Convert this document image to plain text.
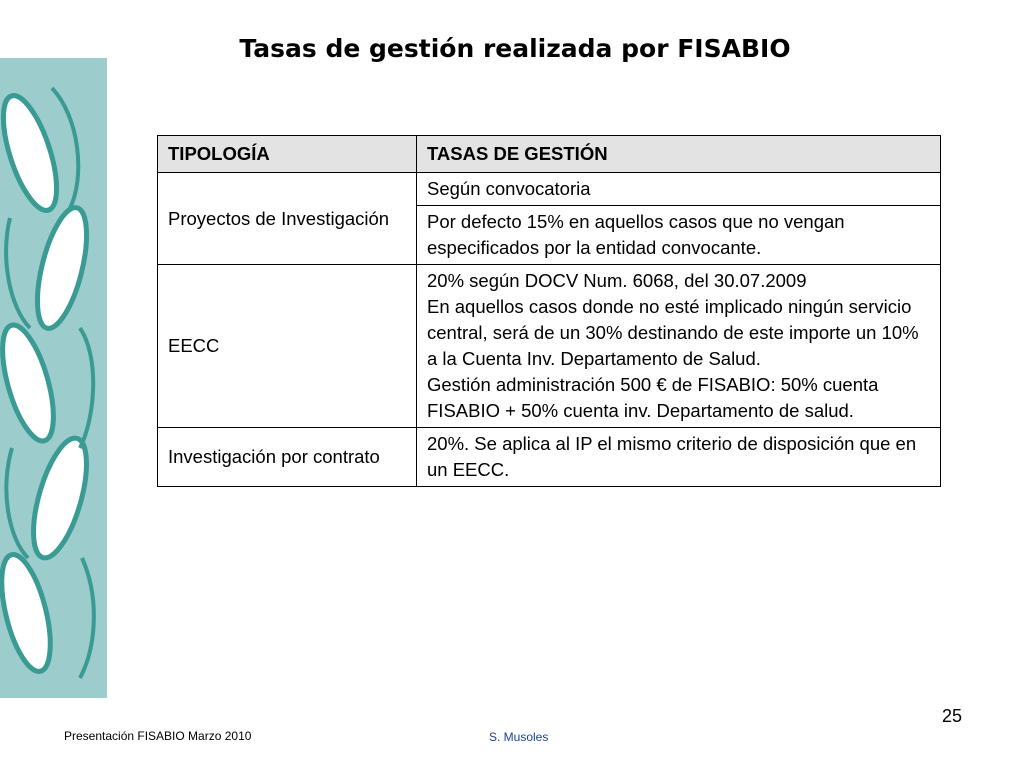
Tasas de gestión realizada por FISABIO
TIPOLOGÍA	TASAS DE GESTIÓN
Proyectos de Investigación	Según convocatoria
	Por defecto 15% en aquellos casos que no vengan especificados por la entidad convocante.
EECC	20% según DOCV Num. 6068, del 30.07.2009
En aquellos casos donde no esté implicado ningún servicio central, será de un 30% destinando de este importe un 10% a la Cuenta Inv. Departamento de Salud.
Gestión administración 500 € de FISABIO: 50% cuenta FISABIO + 50% cuenta inv. Departamento de salud.

Investigación por contrato	20%. Se aplica al IP el mismo criterio de disposición que en un EECC.
25
Presentación FISABIO Marzo 2010	S. Musoles
